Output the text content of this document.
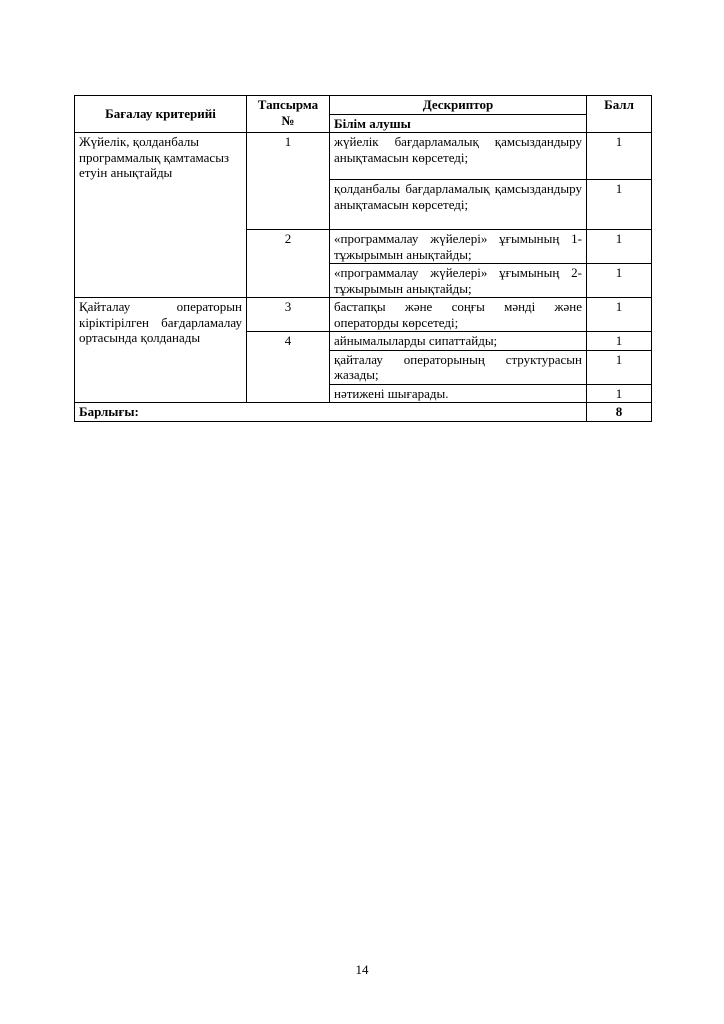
Бағалау критерийі	Тапсырма №	Дескриптор	Балл
		Білім алушы	
Жүйелік, қолданбалы программалық қамтамасыз етуін анықтайды	1	жүйелік бағдарламалық қамсыздандыру анықтамасын көрсетеді;	1
		қолданбалы бағдарламалық қамсыздандыру анықтамасын көрсетеді;	1
	2	«программалау жүйелері» ұғымының 1-тұжырымын анықтайды;	1
		«программалау жүйелері» ұғымының 2-тұжырымын анықтайды;	1
Қайталау операторын кіріктірілген бағдарламалау ортасында қолданады	3	бастапқы және соңғы мәнді және операторды көрсетеді;	1
	4	айнымалыларды сипаттайды;	1
		қайталау операторының структурасын жазады;	1
		нәтижені шығарады.	1
Барлығы:			8
14
